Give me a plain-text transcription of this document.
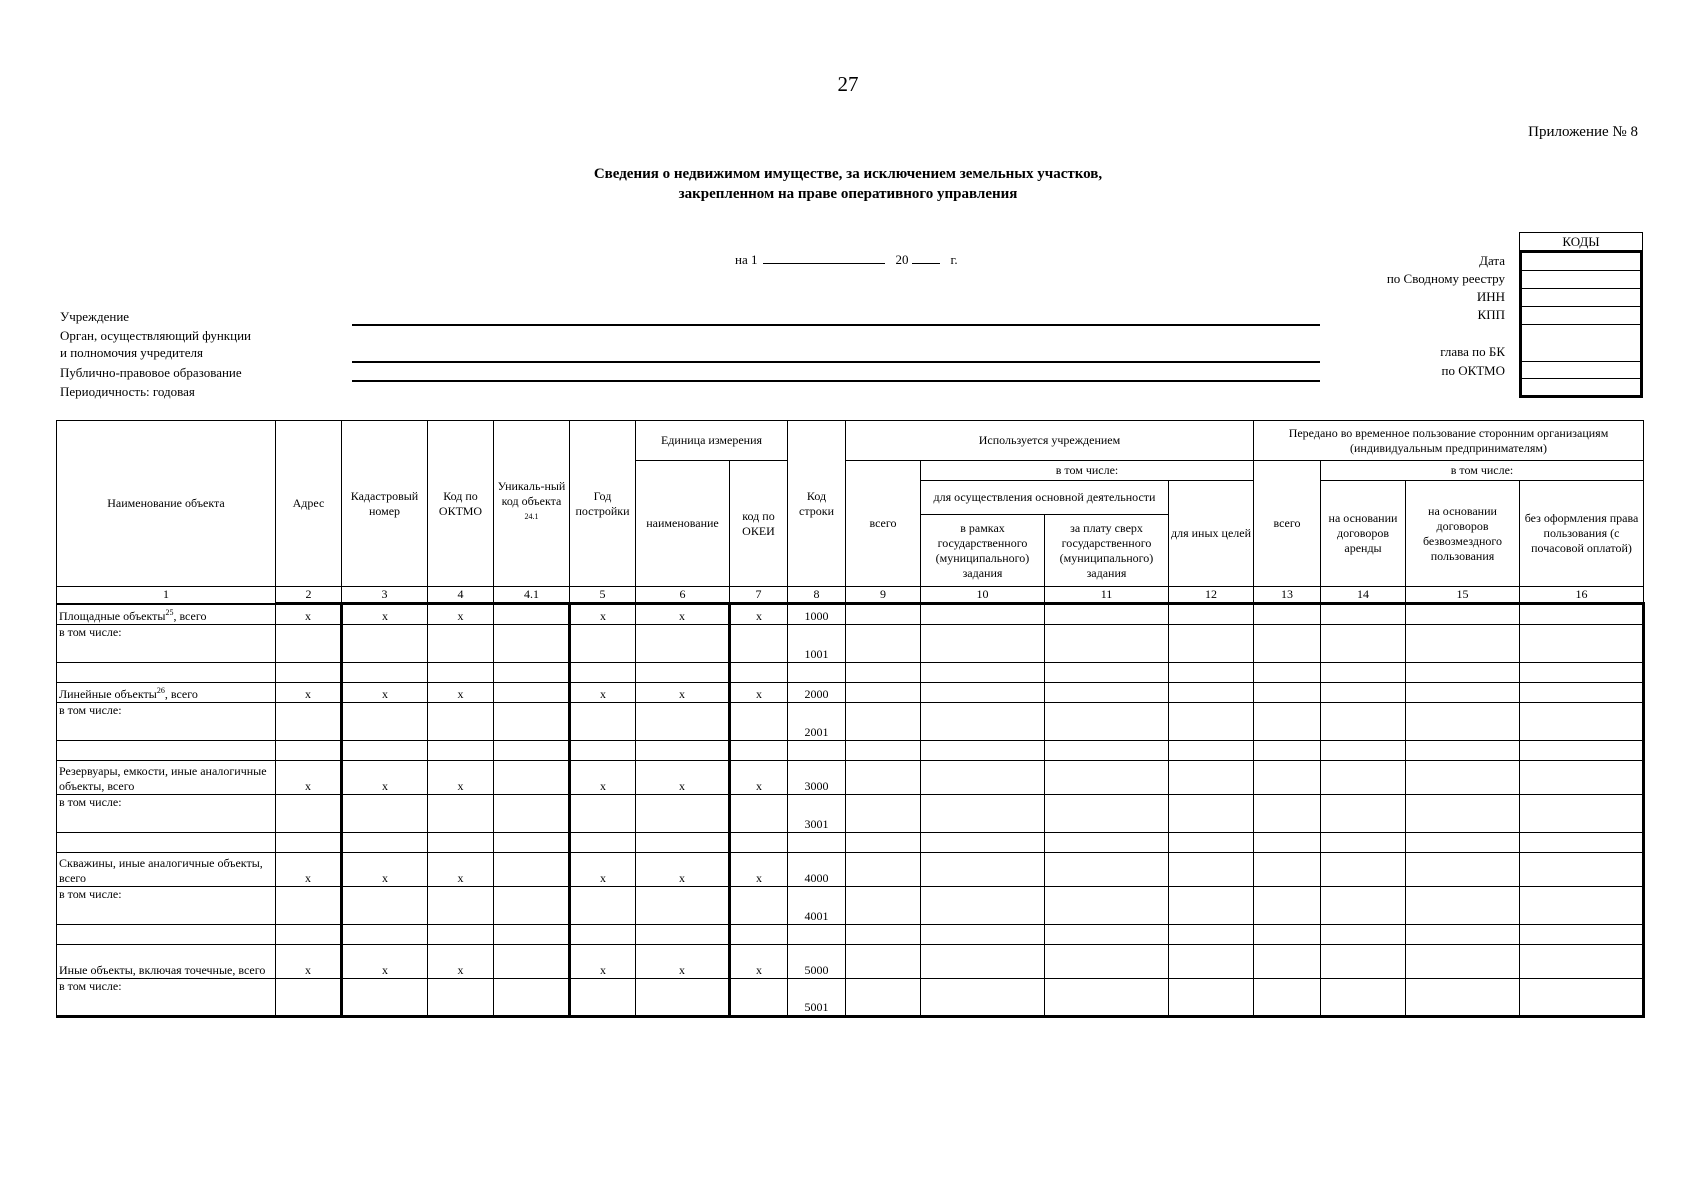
27
Приложение № 8
Сведения о недвижимом имуществе, за исключением земельных участков,
закрепленном на праве оперативного управления
на 1	20	г.
Учреждение
Орган, осуществляющий функции
и полномочия учредителя
Публично-правовое образование
Периодичность: годовая
Дата
по Сводному реестру
ИНН
КПП
глава по БК
по ОКТМО
КОДЫ
Наименование объекта	Адрес	Кадастровый номер	Код по ОКТМО	Уникаль-ный код объекта $^{24.1}$	Год постройки	Единица измерения		Код строки	Используется учреждением				Передано во временное пользование сторонним организациям (индивидуальным предпринимателям)			
						наименование	код по ОКЕИ		всего	в том числе:			всего	в том числе:		
										для осуществления основной деятельности		для иных целей		на основании договоров аренды	на основании договоров безвозмездного пользования	без оформления права пользования (с почасовой оплатой)
										в рамках государственного (муниципального) задания	за плату сверх государственного (муниципального) задания					
1	2	3	4	4.1	5	6	7	8	9	10	11	12	13	14	15	16
Площадные объекты$^{25}$, всего	x	x	x		x	x	x	1000								
в том числе:								1001								

Линейные объекты$^{26}$, всего	x	x	x		x	x	x	2000								
в том числе:								2001								

Резервуары, емкости, иные аналогичные объекты, всего	x	x	x		x	x	x	3000								
в том числе:								3001								

Скважины, иные аналогичные объекты, всего	x	x	x		x	x	x	4000								
в том числе:								4001								

Иные объекты, включая точечные, всего	x	x	x		x	x	x	5000								
в том числе:								5001								
